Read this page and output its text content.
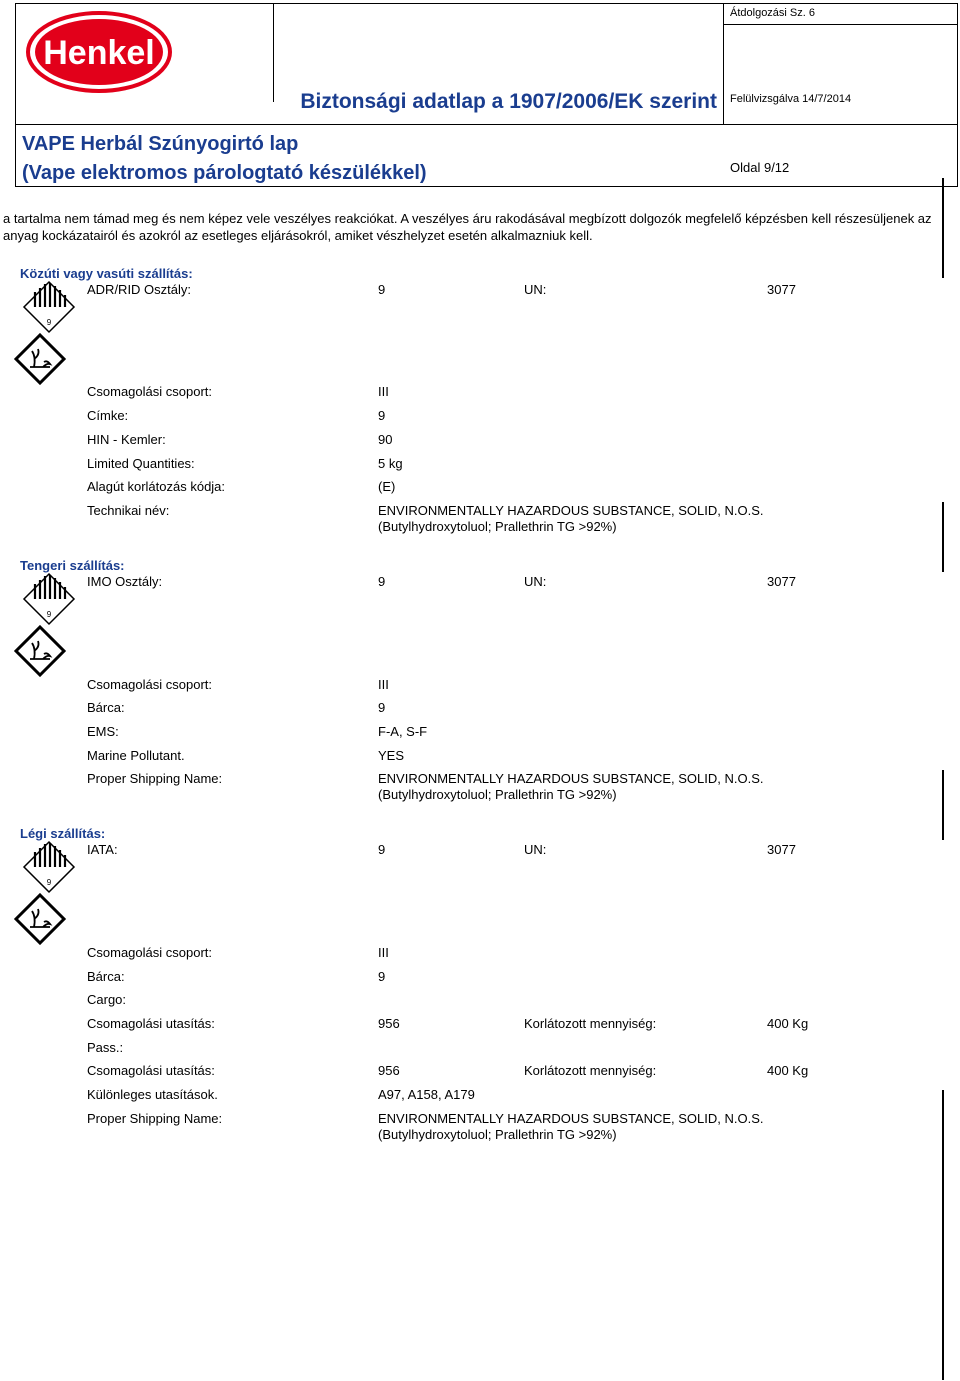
Henkel
Biztonsági adatlap a 1907/2006/EK szerint
VAPE Herbál Szúnyogirtó lap
(Vape elektromos párologtató készülékkel)
Átdolgozási Sz. 6
Felülvizsgálva 14/7/2014
Oldal 9/12
a tartalma nem támad meg és nem képez vele veszélyes reakciókat. A veszélyes áru rakodásával megbízott dolgozók megfelelő képzésben kell részesüljenek az anyag kockázatairól és azokról az esetleges eljárásokról, amiket vészhelyzet esetén alkalmazniuk kell.
Közúti vagy vasúti szállítás:
ADR/RID Osztály:	9	UN:	3077
9
Csomagolási csoport:	III
Címke:	9
HIN - Kemler:	90
Limited Quantities:	5 kg
Alagút korlátozás kódja:	(E)
Technikai név:	ENVIRONMENTALLY HAZARDOUS SUBSTANCE, SOLID, N.O.S.
(Butylhydroxytoluol; Prallethrin TG >92%)
Tengeri szállítás:
IMO Osztály:	9	UN:	3077
9
Csomagolási csoport:	III
Bárca:	9
EMS:	F-A, S-F
Marine Pollutant.	YES
Proper Shipping Name:	ENVIRONMENTALLY HAZARDOUS SUBSTANCE, SOLID, N.O.S.
(Butylhydroxytoluol; Prallethrin TG >92%)
Légi szállítás:
IATA:	9	UN:	3077
9
Csomagolási csoport:	III
Bárca:	9
Cargo:
Csomagolási utasítás:	956	Korlátozott mennyiség:	400 Kg
Pass.:
Csomagolási utasítás:	956	Korlátozott mennyiség:	400 Kg
Különleges utasítások.	A97, A158, A179
Proper Shipping Name:	ENVIRONMENTALLY HAZARDOUS SUBSTANCE, SOLID, N.O.S.
(Butylhydroxytoluol; Prallethrin TG >92%)
